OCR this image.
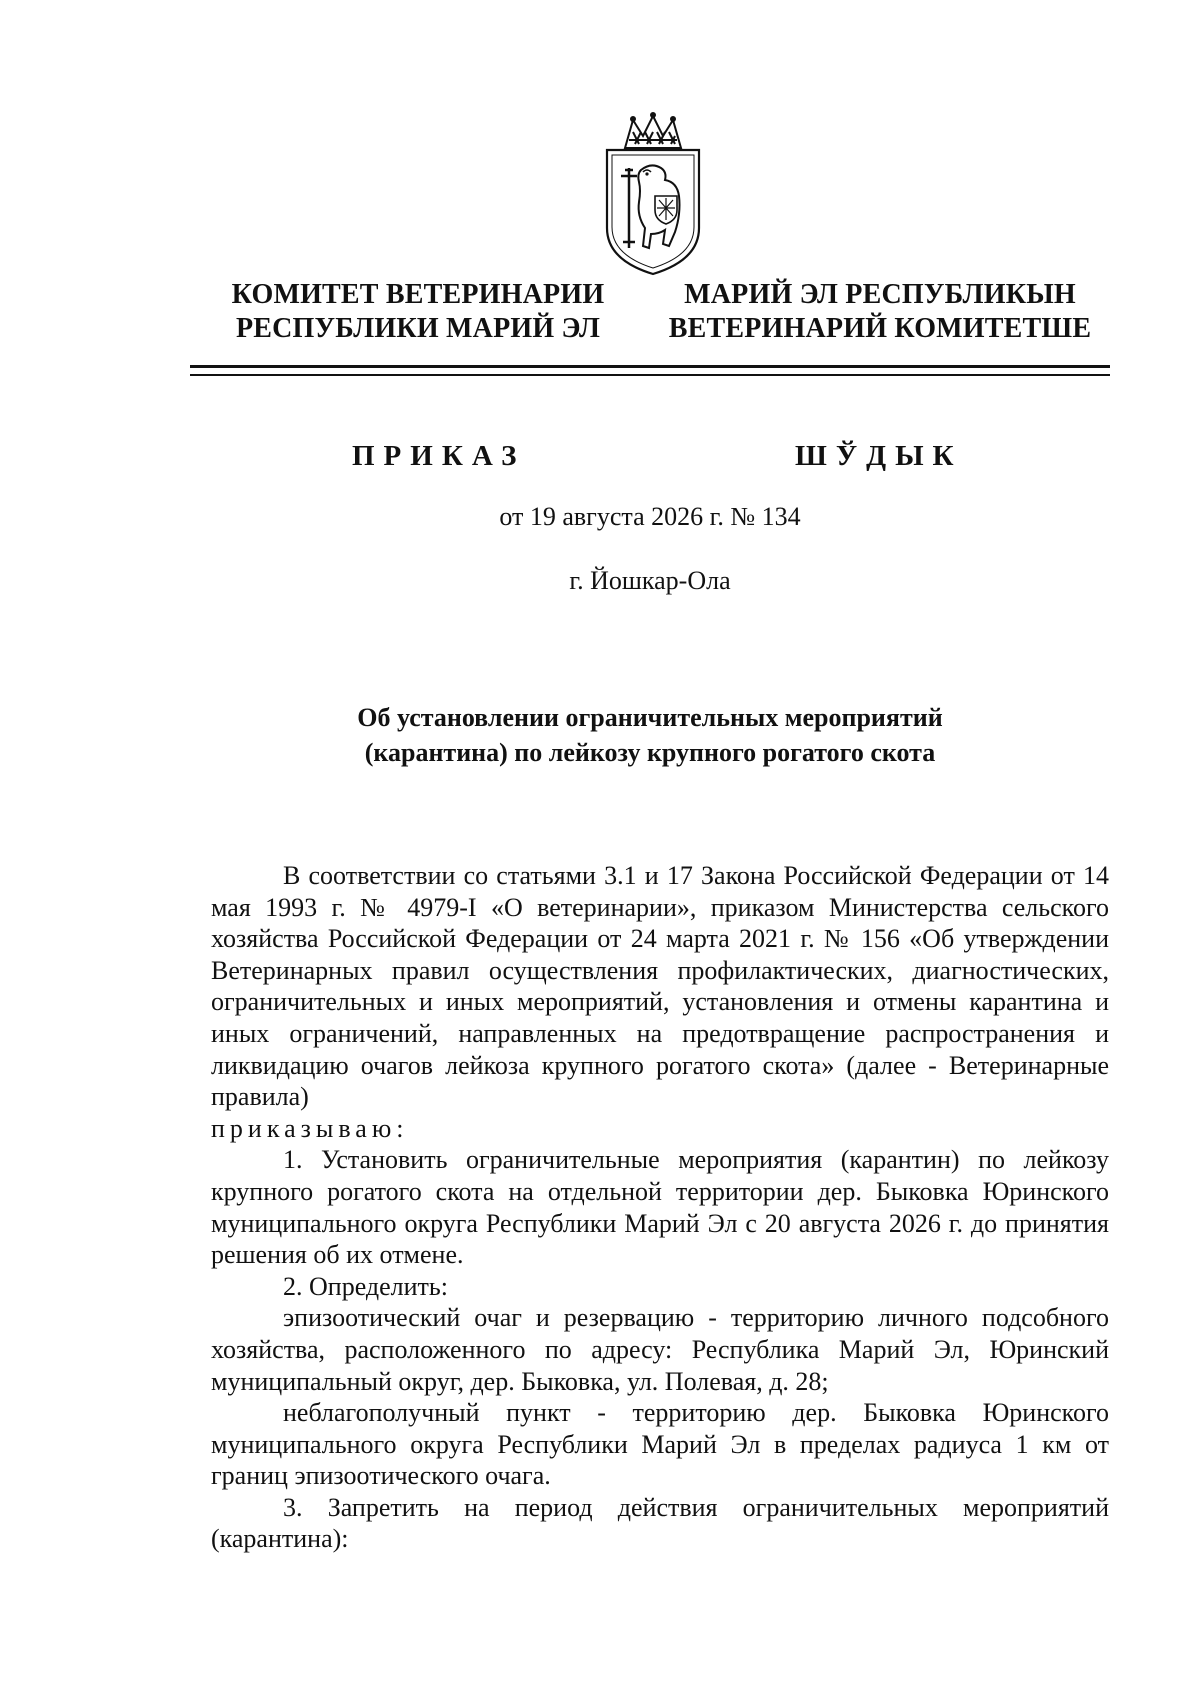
КОМИТЕТ ВЕТЕРИНАРИИ
РЕСПУБЛИКИ МАРИЙ ЭЛ
МАРИЙ ЭЛ РЕСПУБЛИКЫН
ВЕТЕРИНАРИЙ КОМИТЕТШЕ
ПРИКАЗ	ШЎДЫК
от 19 августа 2026 г. № 134
г. Йошкар-Ола
Об установлении ограничительных мероприятий
(карантина) по лейкозу крупного рогатого скота

В соответствии со статьями 3.1 и 17 Закона Российской Федерации от 14 мая 1993 г. № 4979-I «О ветеринарии», приказом Министерства сельского хозяйства Российской Федерации от 24 марта 2021 г. № 156 «Об утверждении Ветеринарных правил осуществления профилактических, диагностических, ограничительных и иных мероприятий, установления и отмены карантина и иных ограничений, направленных на предотвращение распространения и ликвидацию очагов лейкоза крупного рогатого скота» (далее - Ветеринарные правила)

приказываю:

1. Установить ограничительные мероприятия (карантин) по лейкозу крупного рогатого скота на отдельной территории дер. Быковка Юринского муниципального округа Республики Марий Эл с 20 августа 2026 г. до принятия решения об их отмене.

2. Определить:

эпизоотический очаг и резервацию - территорию личного подсобного хозяйства, расположенного по адресу: Республика Марий Эл, Юринский муниципальный округ, дер. Быковка, ул. Полевая, д. 28;

неблагополучный пункт - территорию дер. Быковка Юринского муниципального округа Республики Марий Эл в пределах радиуса 1 км от границ эпизоотического очага.

3. Запретить на период действия ограничительных мероприятий (карантина):
